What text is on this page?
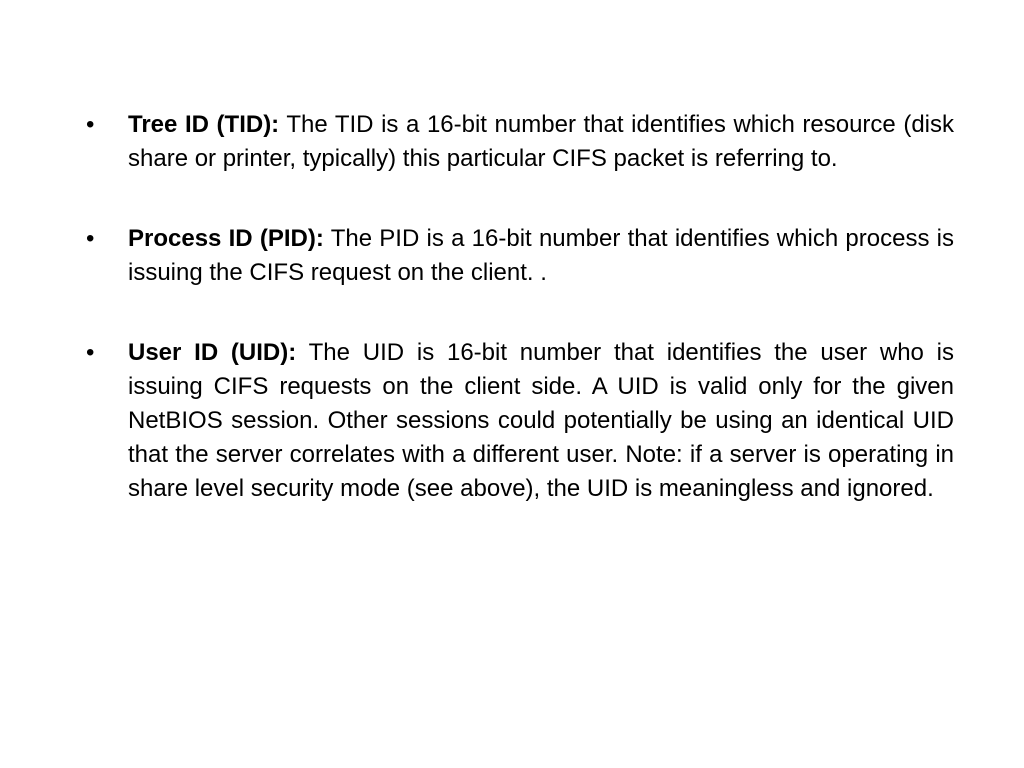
•	Tree ID (TID): The TID is a 16-bit number that identifies which resource (disk share or printer, typically) this particular CIFS packet is referring to.
•	Process ID (PID): The PID is a 16-bit number that identifies which process is issuing the CIFS request on the client. .
•	User ID (UID): The UID is 16-bit number that identifies the user who is issuing CIFS requests on the client side. A UID is valid only for the given NetBIOS session. Other sessions could potentially be using an identical UID that the server correlates with a different user. Note: if a server is operating in share level security mode (see above), the UID is meaningless and ignored.
